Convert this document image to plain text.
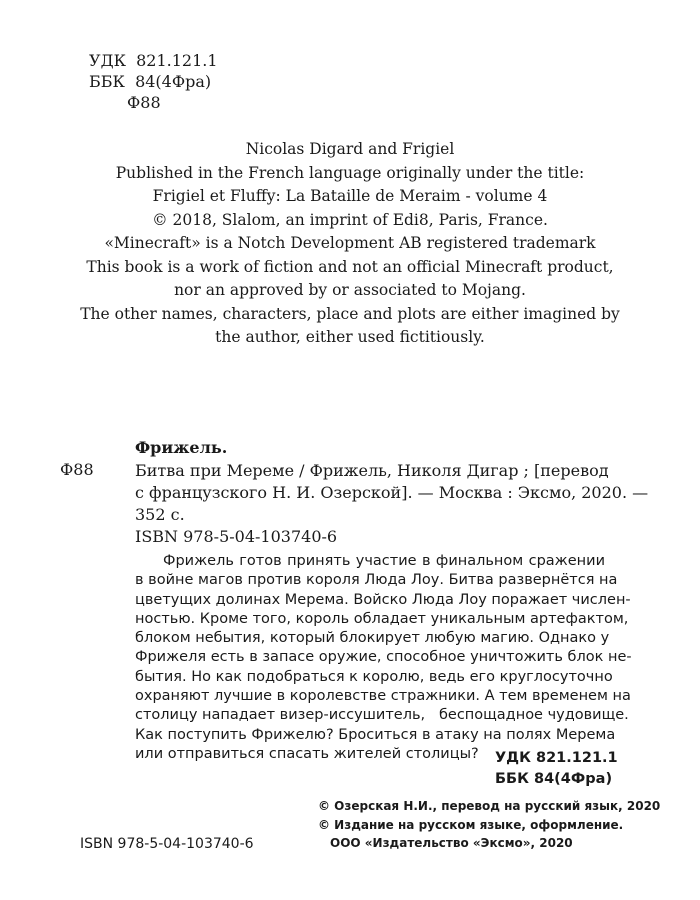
УДК  821.121.1
ББК  84(4Фра)
Ф88
Nicolas Digard and Frigiel
Published in the French language originally under the title:
Frigiel et Fluffy: La Bataille de Meraim - volume 4
© 2018, Slalom, an imprint of Edi8, Paris, France.
«Minecraft» is a Notch Development AB registered trademark
This book is a work of fiction and not an official Minecraft product,
nor an approved by or associated to Mojang.
The other names, characters, place and plots are either imagined by
the author, either used fictitiously.
Фрижель.
Ф88	Битва при Мереме / Фрижель, Николя Дигар ; [перевод
с французского Н. И. Озерской]. — Москва : Эксмо, 2020. —
352 с.
ISBN 978-5-04-103740-6
Фрижель готов принять участие в финальном сражении
в войне магов против короля Люда Лоу. Битва развернётся на
цветущих долинах Мерема. Войско Люда Лоу поражает числен-
ностью. Кроме того, король обладает уникальным артефактом,
блоком небытия, который блокирует любую магию. Однако у
Фрижеля есть в запасе оружие, способное уничтожить блок не-
бытия. Но как подобраться к королю, ведь его круглосуточно
охраняют лучшие в королевстве стражники. А тем временем на
столицу нападает визер-иссушитель,   беспощадное чудовище.
Как поступить Фрижелю? Броситься в атаку на полях Мерема
или отправиться спасать жителей столицы?	УДК 821.121.1
ББК 84(4Фра)
© Озерская Н.И., перевод на русский язык, 2020
© Издание на русском языке, оформление.
ООО «Издательство «Эксмо», 2020
ISBN 978-5-04-103740-6
